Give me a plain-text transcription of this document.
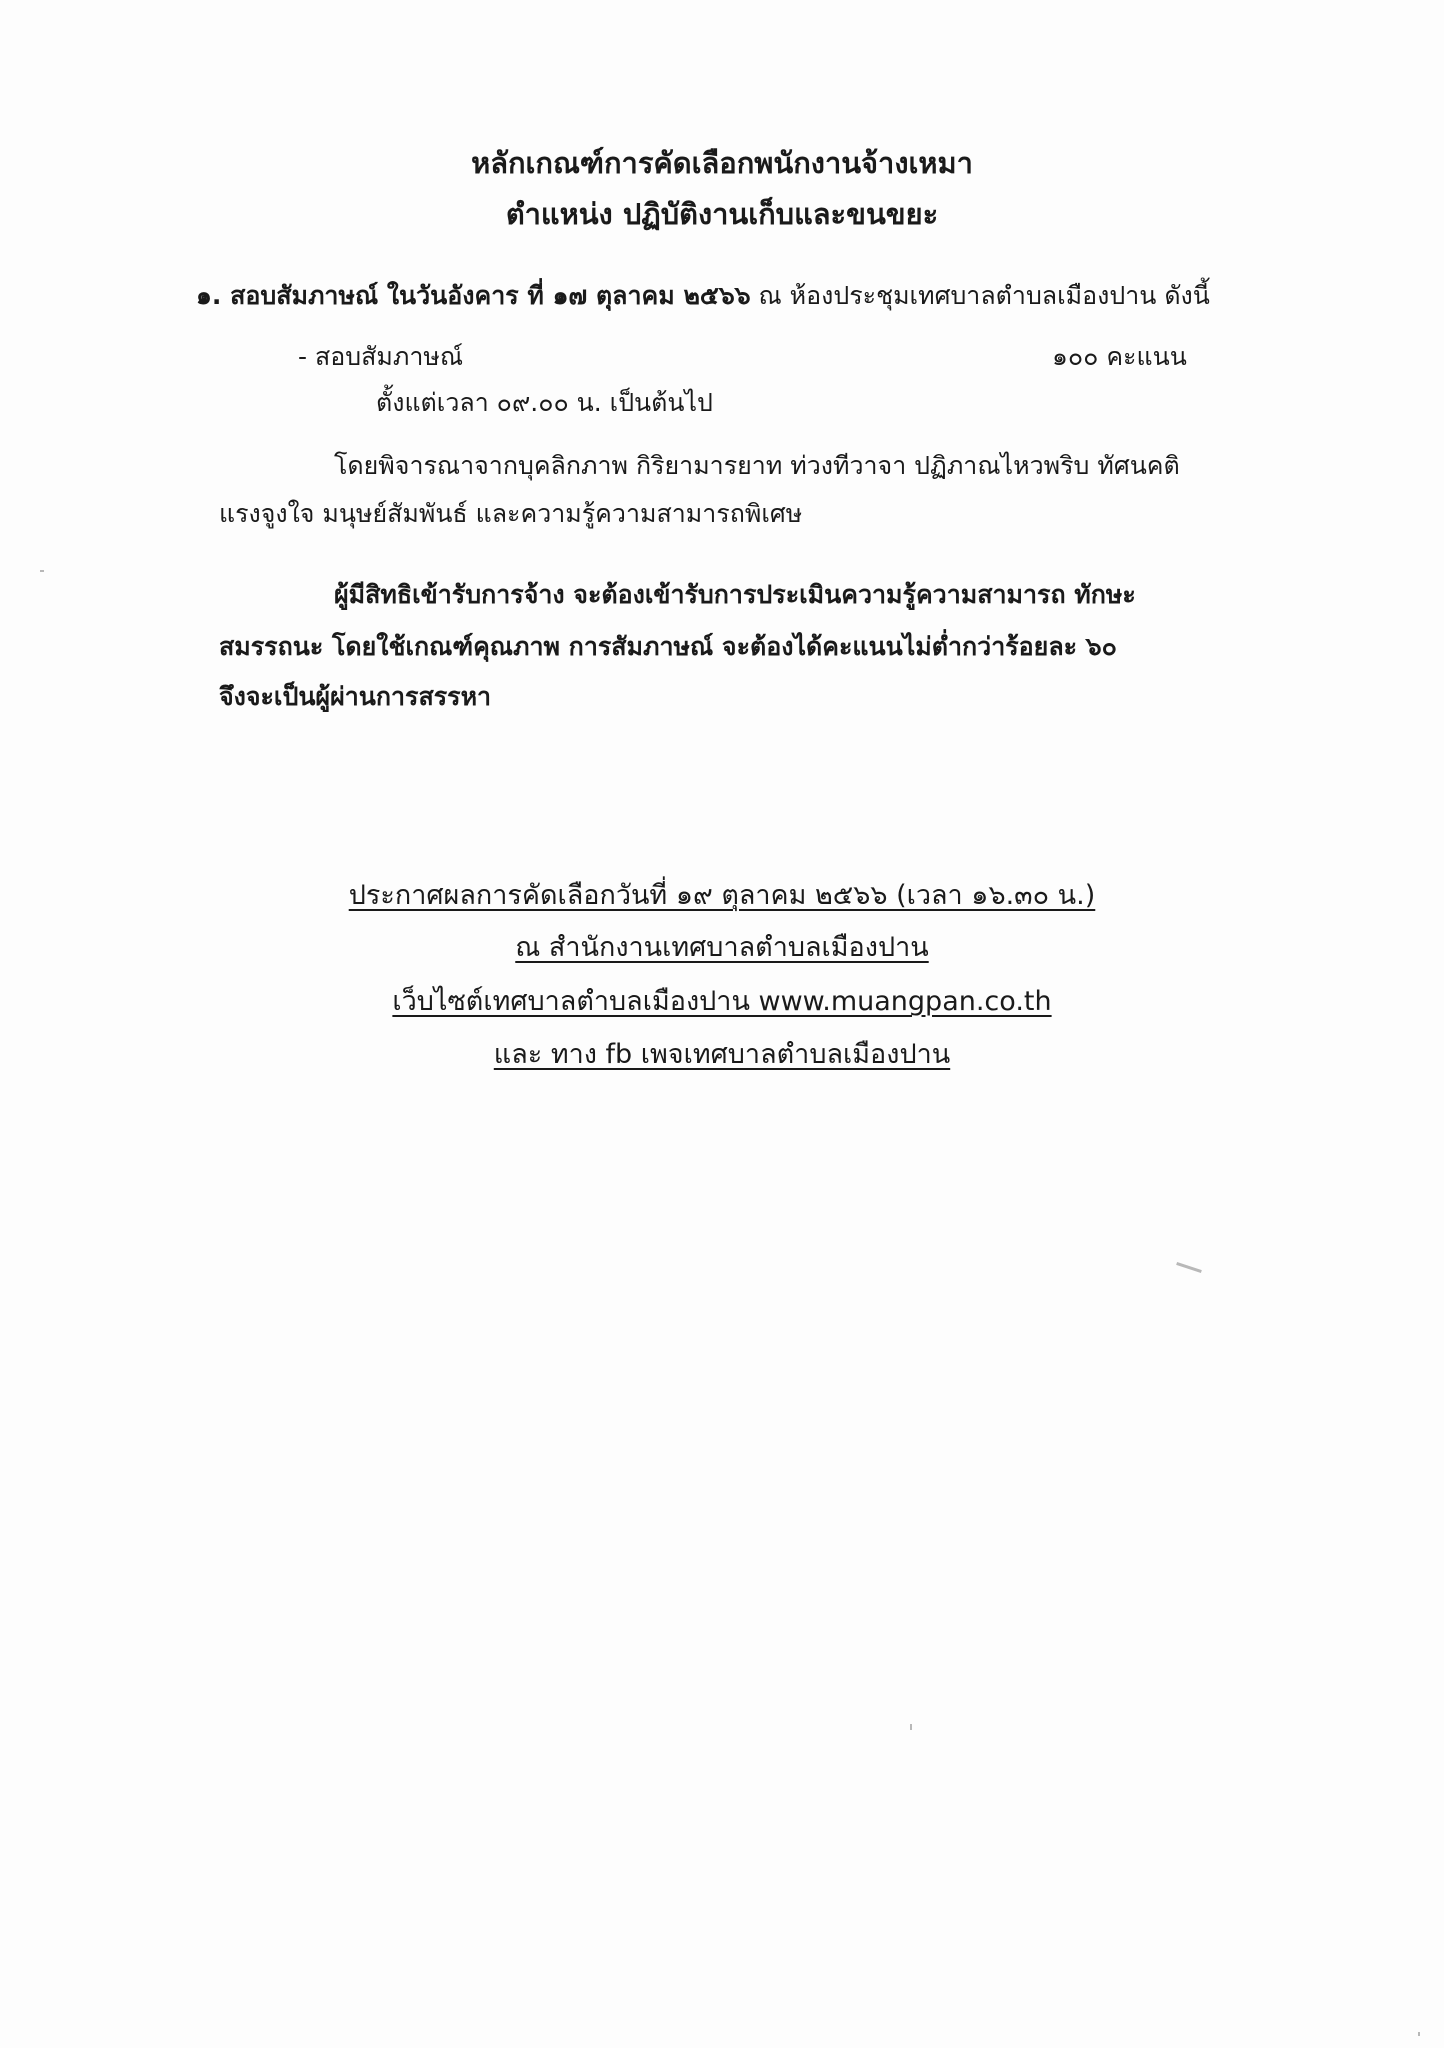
หลักเกณฑ์การคัดเลือกพนักงานจ้างเหมา
ตำแหน่ง ปฏิบัติงานเก็บและขนขยะ

๑. สอบสัมภาษณ์ ในวันอังคาร ที่ ๑๗ ตุลาคม ๒๕๖๖ ณ ห้องประชุมเทศบาลตำบลเมืองปาน ดังนี้

- สอบสัมภาษณ์	๑๐๐ คะแนน

ตั้งแต่เวลา ๐๙.๐๐ น. เป็นต้นไป

โดยพิจารณาจากบุคลิกภาพ กิริยามารยาท ท่วงทีวาจา ปฏิภาณไหวพริบ ทัศนคติ

แรงจูงใจ มนุษย์สัมพันธ์ และความรู้ความสามารถพิเศษ

ผู้มีสิทธิเข้ารับการจ้าง จะต้องเข้ารับการประเมินความรู้ความสามารถ ทักษะ

สมรรถนะ โดยใช้เกณฑ์คุณภาพ การสัมภาษณ์ จะต้องได้คะแนนไม่ต่ำกว่าร้อยละ ๖๐

จึงจะเป็นผู้ผ่านการสรรหา

ประกาศผลการคัดเลือกวันที่ ๑๙ ตุลาคม ๒๕๖๖ (เวลา ๑๖.๓๐ น.)

ณ สำนักงานเทศบาลตำบลเมืองปาน

เว็บไซต์เทศบาลตำบลเมืองปาน www.muangpan.co.th

และ ทาง fb เพจเทศบาลตำบลเมืองปาน
